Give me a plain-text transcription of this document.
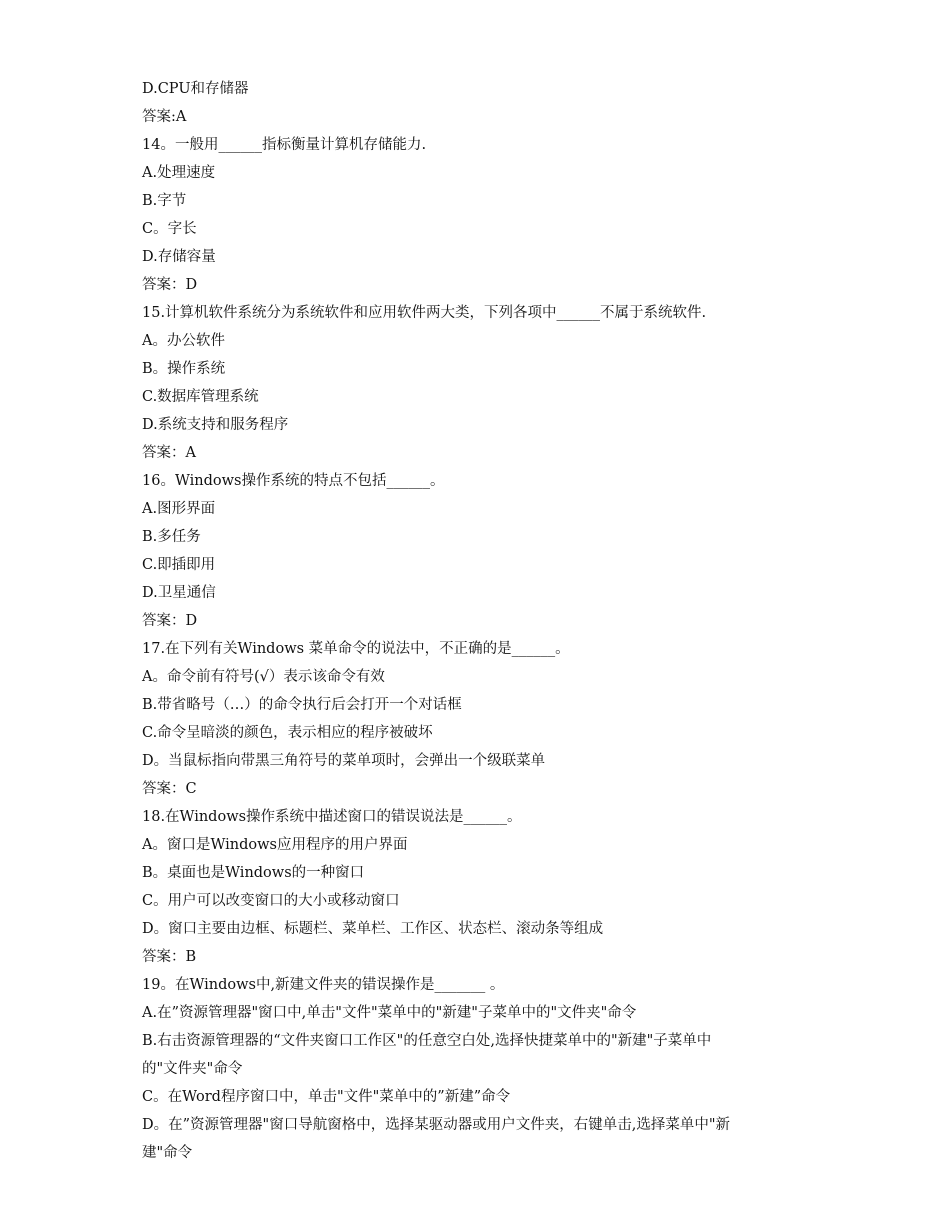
D.CPU和存储器

答案:A

14。一般用______指标衡量计算机存储能力.

A.处理速度

B.字节

C。字长

D.存储容量

答案：D

15.计算机软件系统分为系统软件和应用软件两大类，下列各项中______不属于系统软件.

A。办公软件

B。操作系统

C.数据库管理系统

D.系统支持和服务程序

答案：A

16。Windows操作系统的特点不包括______。

A.图形界面

B.多任务

C.即插即用

D.卫星通信

答案：D

17.在下列有关Windows 菜单命令的说法中，不正确的是______。

A。命令前有符号(√）表示该命令有效

B.带省略号（…）的命令执行后会打开一个对话框

C.命令呈暗淡的颜色，表示相应的程序被破坏

D。当鼠标指向带黑三角符号的菜单项时，会弹出一个级联菜单

答案：C

18.在Windows操作系统中描述窗口的错误说法是______。

A。窗口是Windows应用程序的用户界面

B。桌面也是Windows的一种窗口

C。用户可以改变窗口的大小或移动窗口

D。窗口主要由边框、标题栏、菜单栏、工作区、状态栏、滚动条等组成

答案：B

19。在Windows中,新建文件夹的错误操作是_______ 。

A.在”资源管理器"窗口中,单击"文件"菜单中的"新建"子菜单中的"文件夹"命令

B.右击资源管理器的“文件夹窗口工作区"的任意空白处,选择快捷菜单中的"新建"子菜单中

的"文件夹"命令

C。在Word程序窗口中，单击"文件"菜单中的”新建”命令

D。在”资源管理器"窗口导航窗格中，选择某驱动器或用户文件夹，右键单击,选择菜单中"新

建"命令
